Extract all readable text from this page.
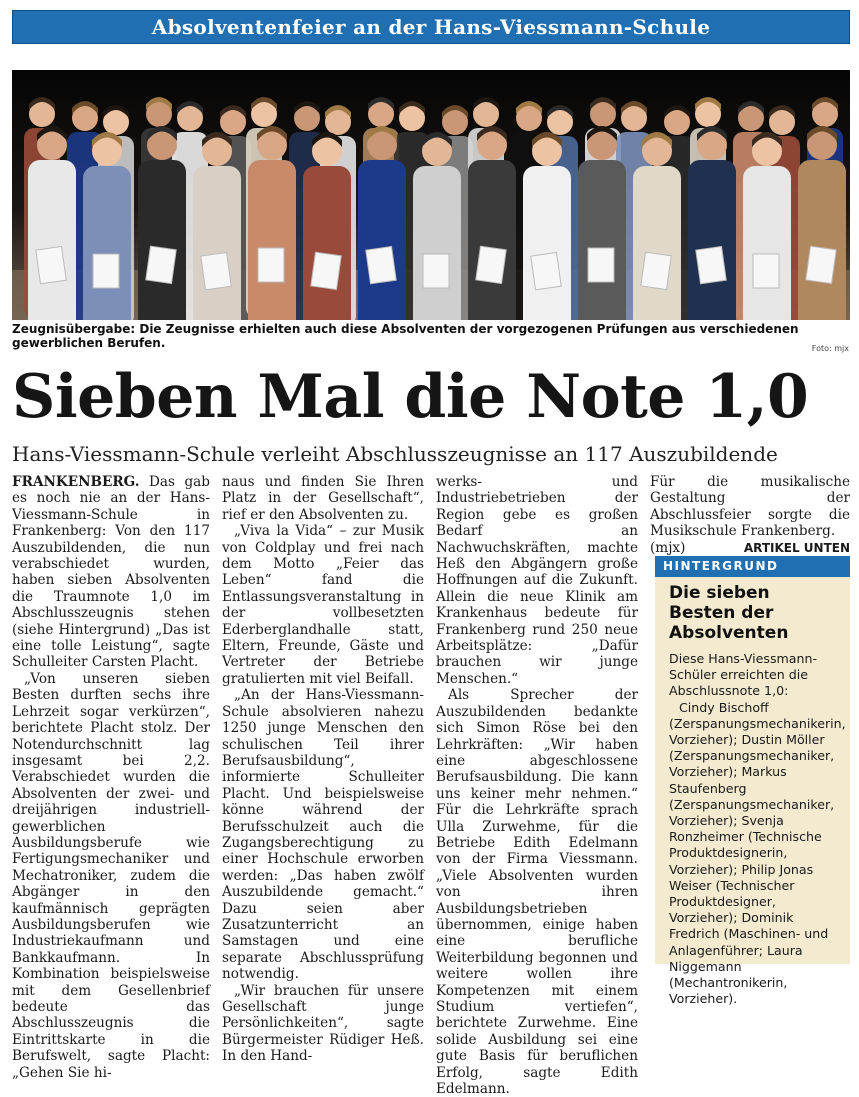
Absolventenfeier an der Hans-Viessmann-Schule
Zeugnisübergabe: Die Zeugnisse erhielten auch diese Absolventen der vorgezogenen Prüfungen aus verschiedenen gewerblichen Berufen.	Foto: mjx
Sieben Mal die Note 1,0
Hans-Viessmann-Schule verleiht Abschlusszeugnisse an 117 Auszubildende

FRANKENBERG. Das gab es noch nie an der Hans-Viessmann-Schule in Frankenberg: Von den 117 Auszubildenden, die nun verabschiedet wurden, haben sieben Absolventen die Traumnote 1,0 im Abschlusszeugnis stehen (siehe Hintergrund) „Das ist eine tolle Leistung“, sagte Schulleiter Carsten Placht.

„Von unseren sieben Besten durften sechs ihre Lehrzeit sogar verkürzen“, berichtete Placht stolz. Der Notendurchschnitt lag insgesamt bei 2,2. Verabschiedet wurden die Absolventen der zwei- und dreijährigen industriell-gewerblichen Ausbildungsberufe wie Fertigungsmechaniker und Mechatroniker, zudem die Abgänger in den kaufmännisch geprägten Ausbildungsberufen wie Industriekaufmann und Bankkaufmann. In Kombination beispielsweise mit dem Gesellenbrief bedeute das Abschlusszeugnis die Eintrittskarte in die Berufswelt, sagte Placht: „Gehen Sie hi-

naus und finden Sie Ihren Platz in der Gesellschaft“, rief er den Absolventen zu.

„Viva la Vida“ – zur Musik von Coldplay und frei nach dem Motto „Feier das Leben“ fand die Entlassungsveranstaltung in der vollbesetzten Ederberglandhalle statt, Eltern, Freunde, Gäste und Vertreter der Betriebe gratulierten mit viel Beifall.

„An der Hans-Viessmann-Schule absolvieren nahezu 1250 junge Menschen den schulischen Teil ihrer Berufsausbildung“, informierte Schulleiter Placht. Und beispielsweise könne während der Berufsschulzeit auch die Zugangsberechtigung zu einer Hochschule erworben werden: „Das haben zwölf Auszubildende gemacht.“ Dazu seien aber Zusatzunterricht an Samstagen und eine separate Abschlussprüfung notwendig.

„Wir brauchen für unsere Gesellschaft junge Persönlichkeiten“, sagte Bürgermeister Rüdiger Heß. In den Hand-

werks- und Industriebetrieben der Region gebe es großen Bedarf an Nachwuchskräften, machte Heß den Abgängern große Hoffnungen auf die Zukunft. Allein die neue Klinik am Krankenhaus bedeute für Frankenberg rund 250 neue Arbeitsplätze: „Dafür brauchen wir junge Menschen.“

Als Sprecher der Auszubildenden bedankte sich Simon Röse bei den Lehrkräften: „Wir haben eine abgeschlossene Berufsausbildung. Die kann uns keiner mehr nehmen.“ Für die Lehrkräfte sprach Ulla Zurwehme, für die Betriebe Edith Edelmann von der Firma Viessmann. „Viele Absolventen wurden von ihren Ausbildungsbetrieben übernommen, einige haben eine berufliche Weiterbildung begonnen und weitere wollen ihre Kompetenzen mit einem Studium vertiefen“, berichtete Zurwehme. Eine solide Ausbildung sei eine gute Basis für beruflichen Erfolg, sagte Edith Edelmann.

Für die musikalische Gestaltung der Abschlussfeier sorgte die Musikschule Frankenberg.

(mjx)	ARTIKEL UNTEN

HINTERGRUND
Die sieben Besten der Absolventen

Diese Hans-Viessmann-Schüler erreichten die Abschlussnote 1,0:

Cindy Bischoff (Zerspanungsmechanikerin, Vorzieher); Dustin Möller (Zerspanungsmechaniker, Vorzieher); Markus Staufenberg (Zerspanungsmechaniker, Vorzieher); Svenja Ronzheimer (Technische Produktdesignerin, Vorzieher); Philip Jonas Weiser (Technischer Produktdesigner, Vorzieher); Dominik Fredrich (Maschinen- und Anlagenführer; Laura Niggemann (Mechantronikerin, Vorzieher).
